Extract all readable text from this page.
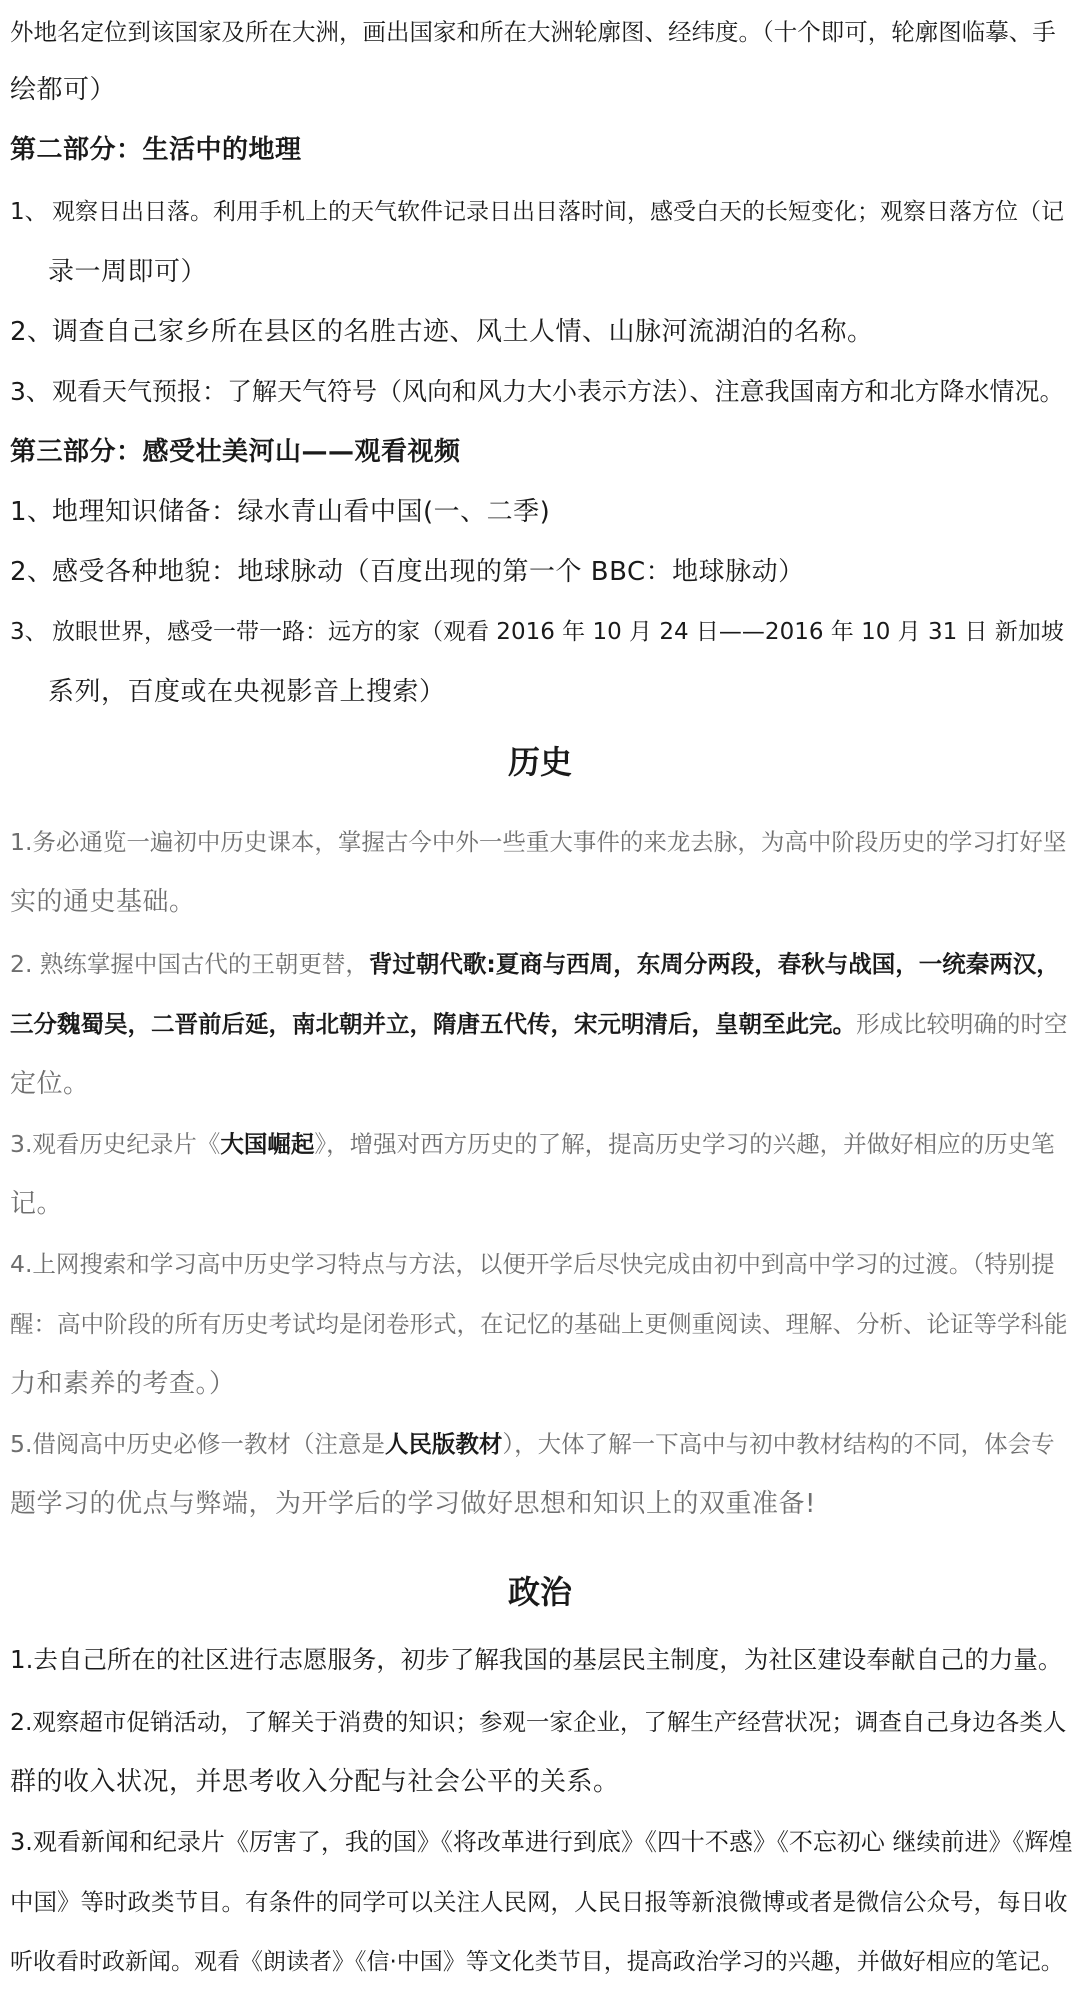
外地名定位到该国家及所在大洲，画出国家和所在大洲轮廓图、经纬度。（十个即可，轮廓图临摹、手
绘都可）
第二部分：生活中的地理
1、 观察日出日落。利用手机上的天气软件记录日出日落时间，感受白天的长短变化；观察日落方位（记
录一周即可）
2、调查自己家乡所在县区的名胜古迹、风土人情、山脉河流湖泊的名称。
3、观看天气预报：了解天气符号（风向和风力大小表示方法）、注意我国南方和北方降水情况。
第三部分：感受壮美河山——观看视频
1、地理知识储备：绿水青山看中国(一、二季)
2、感受各种地貌：地球脉动（百度出现的第一个 BBC：地球脉动）
3、 放眼世界，感受一带一路：远方的家（观看 2016 年 10 月 24 日——2016 年 10 月 31 日 新加坡
系列，百度或在央视影音上搜索）
历史
1.务必通览一遍初中历史课本，掌握古今中外一些重大事件的来龙去脉，为高中阶段历史的学习打好坚
实的通史基础。
2. 熟练掌握中国古代的王朝更替，背过朝代歌:夏商与西周，东周分两段，春秋与战国，一统秦两汉，
三分魏蜀吴，二晋前后延，南北朝并立，隋唐五代传，宋元明清后，皇朝至此完。形成比较明确的时空
定位。
3.观看历史纪录片《大国崛起》，增强对西方历史的了解，提高历史学习的兴趣，并做好相应的历史笔
记。
4.上网搜索和学习高中历史学习特点与方法，以便开学后尽快完成由初中到高中学习的过渡。（特别提
醒：高中阶段的所有历史考试均是闭卷形式，在记忆的基础上更侧重阅读、理解、分析、论证等学科能
力和素养的考查。）
5.借阅高中历史必修一教材（注意是人民版教材），大体了解一下高中与初中教材结构的不同，体会专
题学习的优点与弊端，为开学后的学习做好思想和知识上的双重准备!
政治
1.去自己所在的社区进行志愿服务，初步了解我国的基层民主制度，为社区建设奉献自己的力量。
2.观察超市促销活动，了解关于消费的知识；参观一家企业，了解生产经营状况；调查自己身边各类人
群的收入状况，并思考收入分配与社会公平的关系。
3.观看新闻和纪录片《厉害了，我的国》《将改革进行到底》《四十不惑》《不忘初心 继续前进》《辉煌
中国》等时政类节目。有条件的同学可以关注人民网，人民日报等新浪微博或者是微信公众号，每日收
听收看时政新闻。观看《朗读者》《信·中国》等文化类节目，提高政治学习的兴趣，并做好相应的笔记。
